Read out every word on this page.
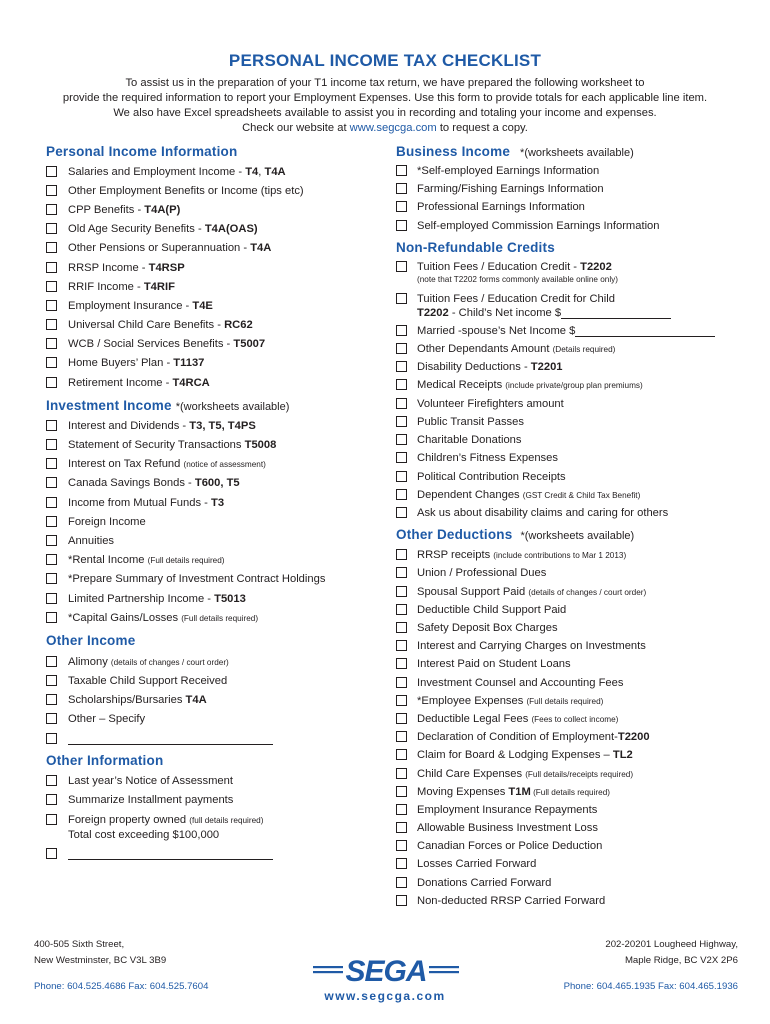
PERSONAL INCOME TAX CHECKLIST
To assist us in the preparation of your T1 income tax return, we have prepared the following worksheet to
provide the required information to report your Employment Expenses. Use this form to provide totals for each applicable line item.
We also have Excel spreadsheets available to assist you in recording and totaling your income and expenses.
Check our website at www.segcga.com to request a copy.
Personal Income Information
Salaries and Employment Income - T4, T4A
Other Employment Benefits or Income (tips etc)
CPP Benefits - T4A(P)
Old Age Security Benefits - T4A(OAS)
Other Pensions or Superannuation - T4A
RRSP Income - T4RSP
RRIF Income - T4RIF
Employment Insurance - T4E
Universal Child Care Benefits - RC62
WCB / Social Services Benefits - T5007
Home Buyers’ Plan - T1137
Retirement Income - T4RCA
Investment Income *(worksheets available)
Interest and Dividends - T3, T5, T4PS
Statement of Security Transactions T5008
Interest on Tax Refund (notice of assessment)
Canada Savings Bonds - T600, T5
Income from Mutual Funds - T3
Foreign Income
Annuities
*Rental Income (Full details required)
*Prepare Summary of Investment Contract Holdings
Limited Partnership Income - T5013
*Capital Gains/Losses (Full details required)
Other Income
Alimony (details of changes / court order)
Taxable Child Support Received
Scholarships/Bursaries T4A
Other – Specify
Other Information
Last year’s Notice of Assessment
Summarize Installment payments
Foreign property owned (full details required)
Total cost exceeding $100,000
Business Income *(worksheets available)
*Self-employed Earnings Information
Farming/Fishing Earnings Information
Professional Earnings Information
Self-employed Commission Earnings Information
Non-Refundable Credits
Tuition Fees / Education Credit - T2202
(note that T2202 forms commonly available online only)
Tuition Fees / Education Credit for Child
T2202 - Child’s Net income $
Married -spouse’s Net Income $
Other Dependants Amount (Details required)
Disability Deductions - T2201
Medical Receipts (include private/group plan premiums)
Volunteer Firefighters amount
Public Transit Passes
Charitable Donations
Children’s Fitness Expenses
Political Contribution Receipts
Dependent Changes (GST Credit & Child Tax Benefit)
Ask us about disability claims and caring for others
Other Deductions *(worksheets available)
RRSP receipts (include contributions to Mar 1 2013)
Union / Professional Dues
Spousal Support Paid (details of changes / court order)
Deductible Child Support Paid
Safety Deposit Box Charges
Interest and Carrying Charges on Investments
Interest Paid on Student Loans
Investment Counsel and Accounting Fees
*Employee Expenses (Full details required)
Deductible Legal Fees (Fees to collect income)
Declaration of Condition of Employment-T2200
Claim for Board & Lodging Expenses – TL2
Child Care Expenses (Full details/receipts required)
Moving Expenses T1M (Full details required)
Employment Insurance Repayments
Allowable Business Investment Loss
Canadian Forces or Police Deduction
Losses Carried Forward
Donations Carried Forward
Non-deducted RRSP Carried Forward
400-505 Sixth Street,
New Westminster, BC V3L 3B9
Phone: 604.525.4686 Fax: 604.525.7604
202-20201 Lougheed Highway,
Maple Ridge, BC V2X 2P6
Phone: 604.465.1935 Fax: 604.465.1936
SEGA
www.segcga.com
